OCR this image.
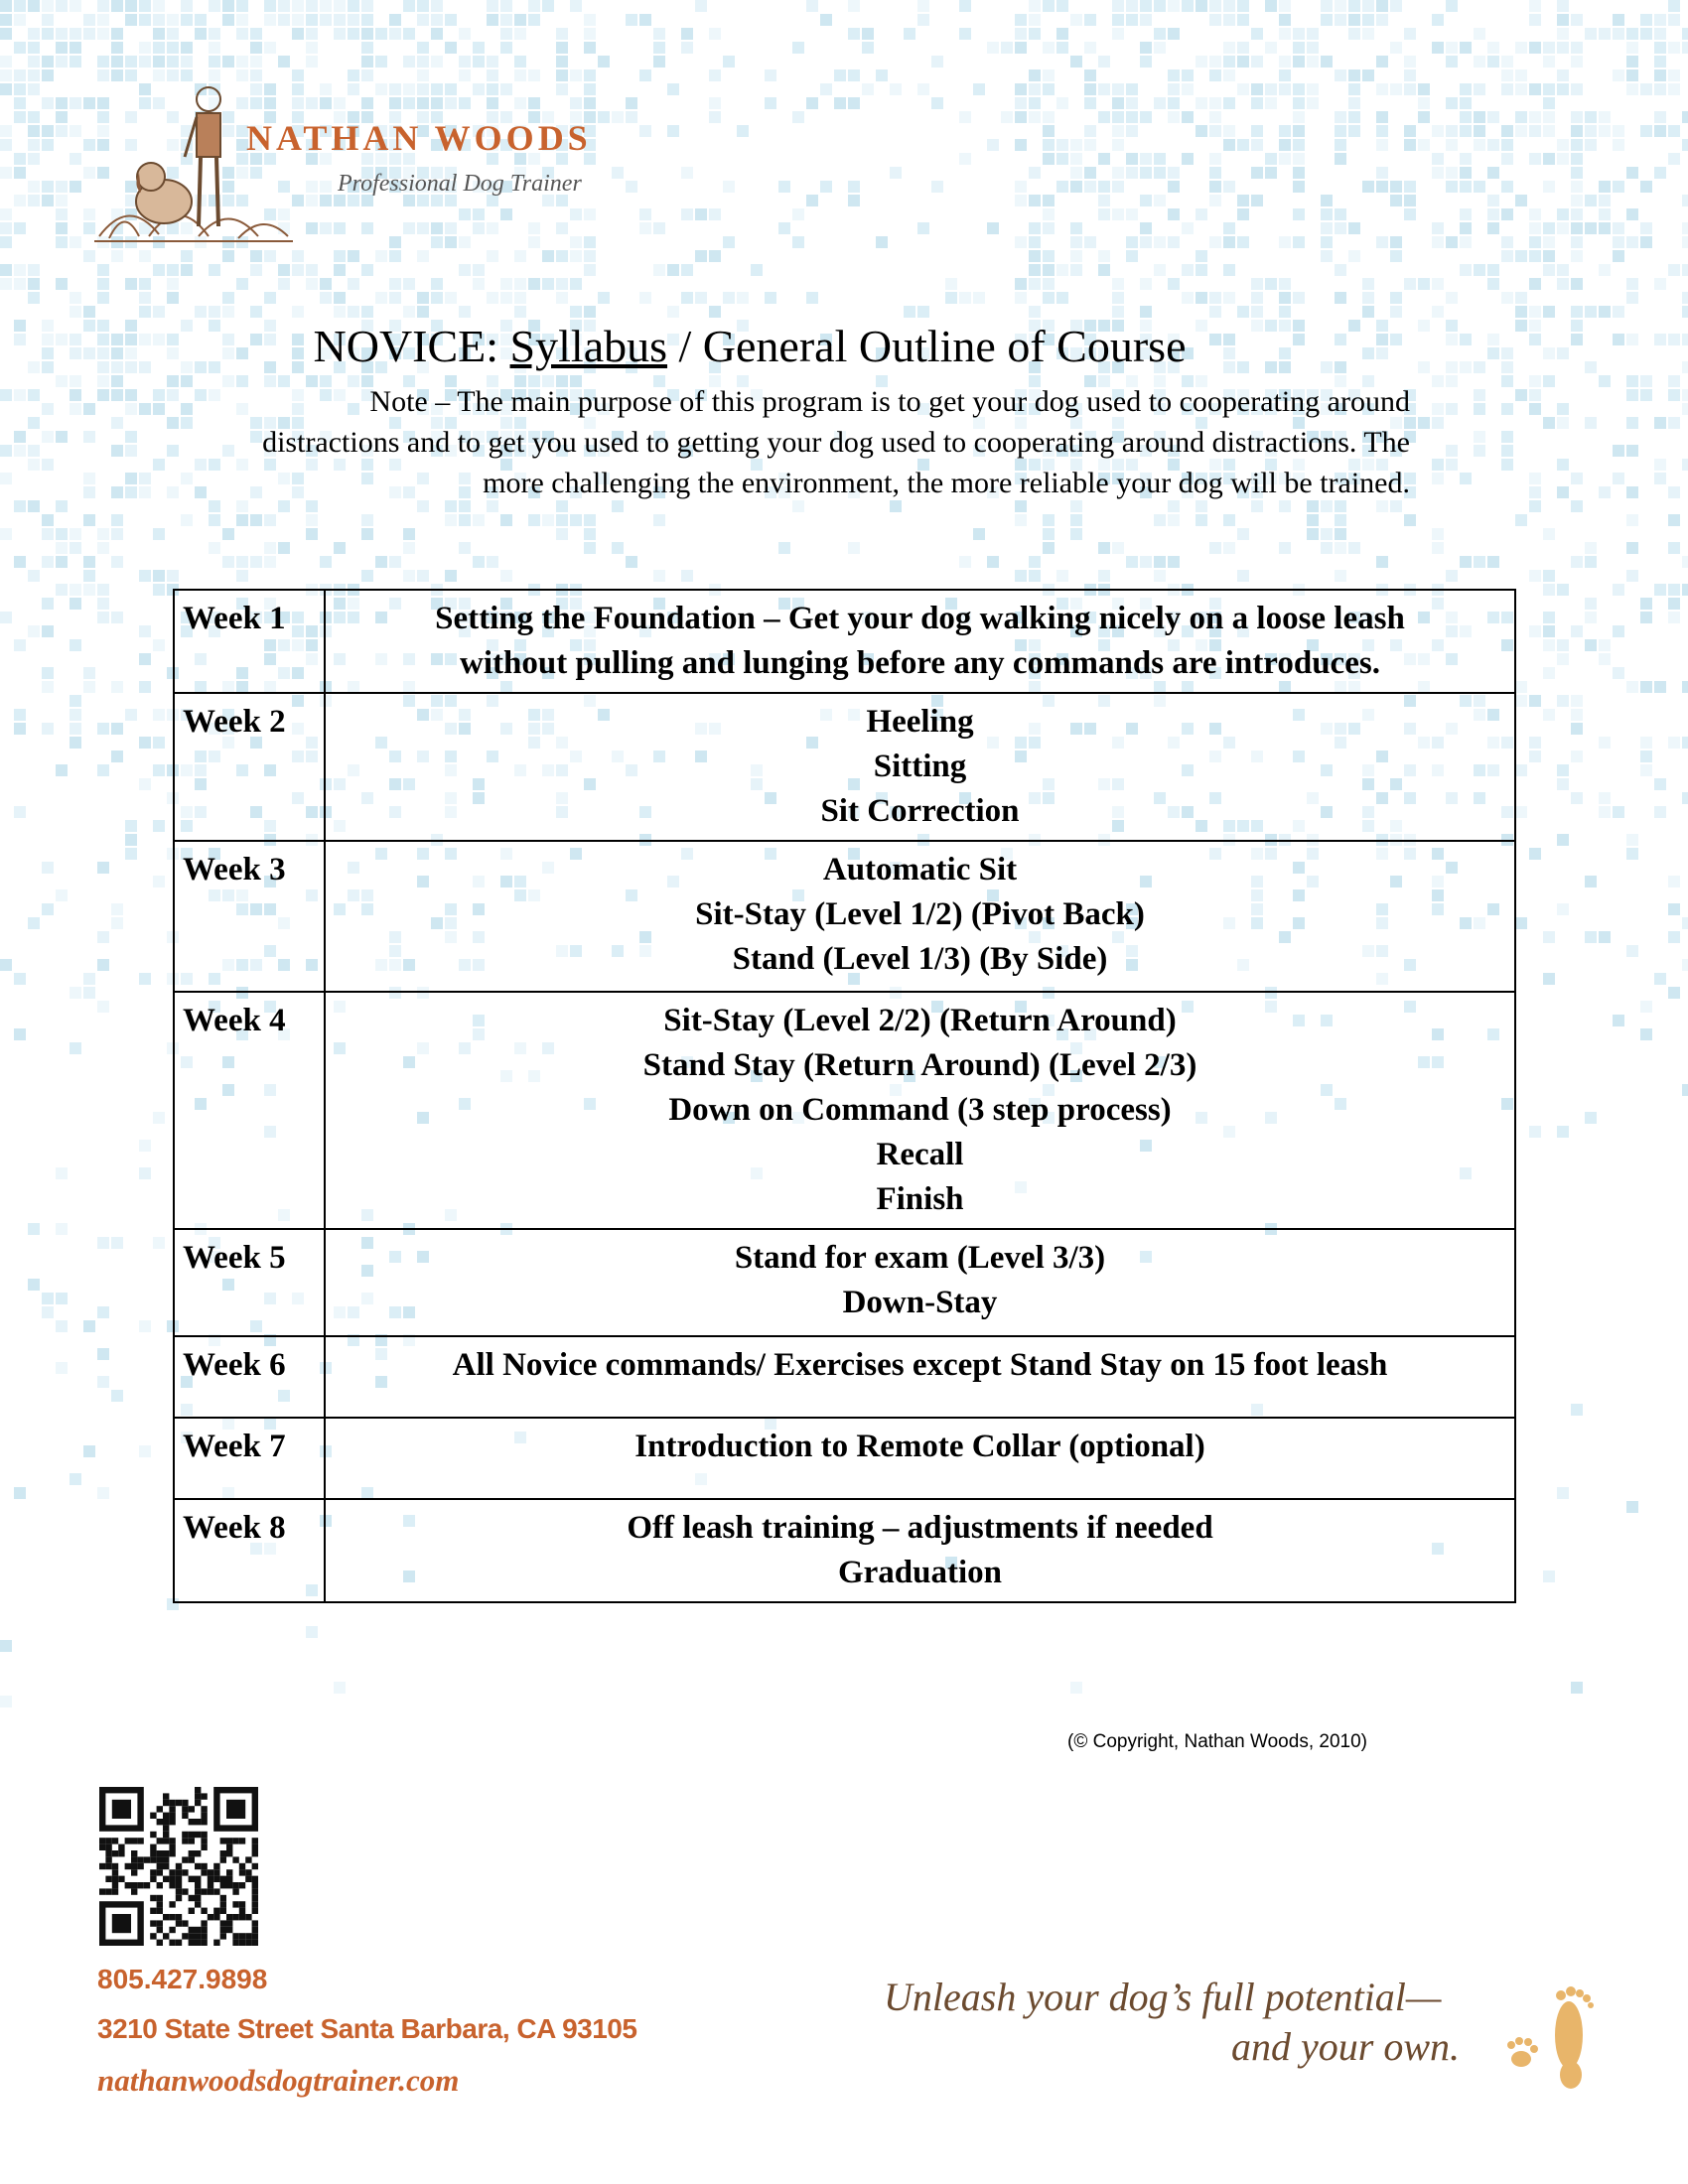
NATHAN WOODS
Professional Dog Trainer
NOVICE: Syllabus / General Outline of Course
Note – The main purpose of this program is to get your dog used to cooperating around
distractions and to get you used to getting your dog used to cooperating around distractions. The
more challenging the environment, the more reliable your dog will be trained.
Week 1	Setting the Foundation – Get your dog walking nicely on a loose leash
without pulling and lunging before any commands are introduces.

Week 2	Heeling
Sitting
Sit Correction

Week 3	Automatic Sit
Sit-Stay (Level 1/2) (Pivot Back)
Stand (Level 1/3) (By Side)

Week 4	Sit-Stay (Level 2/2) (Return Around)
Stand Stay (Return Around) (Level 2/3)
Down on Command (3 step process)
Recall
Finish

Week 5	Stand for exam (Level 3/3)
Down-Stay

Week 6	All Novice commands/ Exercises except Stand Stay on 15 foot leash

Week 7	Introduction to Remote Collar (optional)

Week 8	Off leash training – adjustments if needed
Graduation
(© Copyright, Nathan Woods, 2010)
805.427.9898
3210 State Street Santa Barbara, CA 93105
nathanwoodsdogtrainer.com
Unleash your dog’s full potential—
and your own.
